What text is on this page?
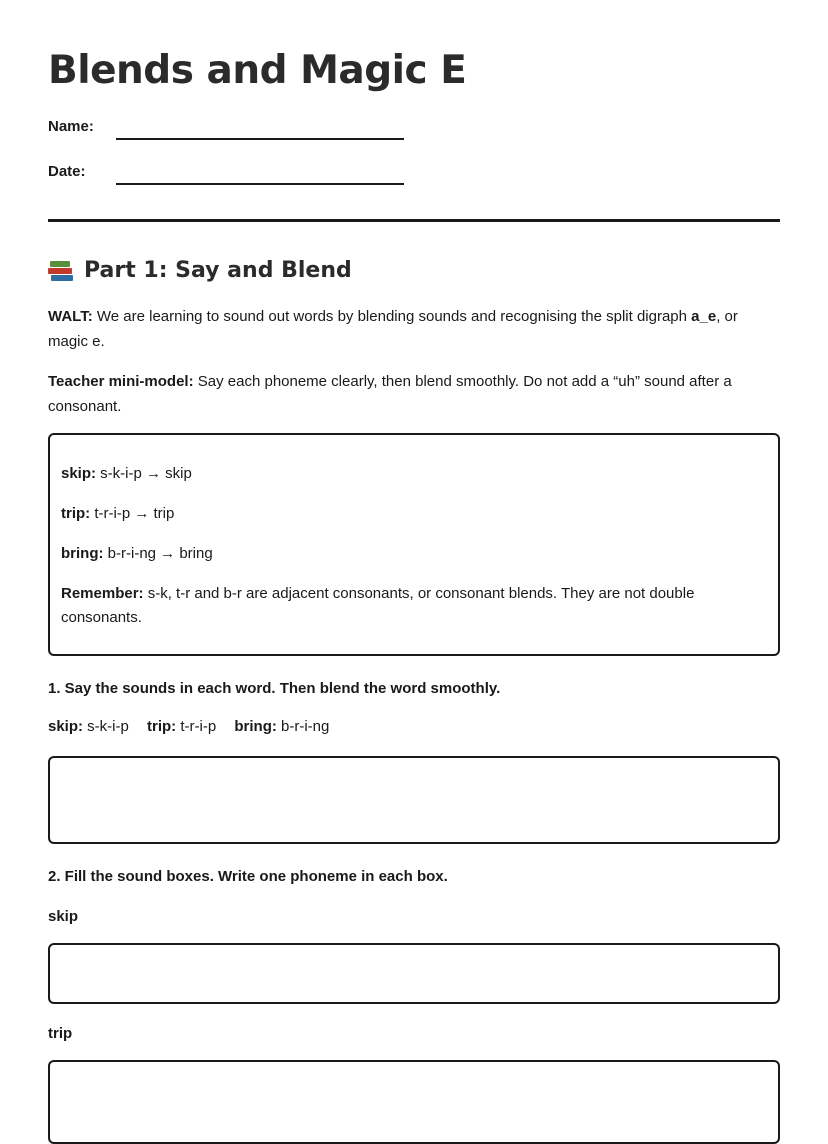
Blends and Magic E
Name:
Date:
Part 1: Say and Blend
WALT: We are learning to sound out words by blending sounds and recognising the split digraph a_e, or magic e.
Teacher mini-model: Say each phoneme clearly, then blend smoothly. Do not add a “uh” sound after a consonant.
skip: s-k-i-p → skip
trip: t-r-i-p → trip
bring: b-r-i-ng → bring
Remember: s-k, t-r and b-r are adjacent consonants, or consonant blends. They are not double consonants.
1. Say the sounds in each word. Then blend the word smoothly.
skip: s-k-i-p trip: t-r-i-p bring: b-r-i-ng
2. Fill the sound boxes. Write one phoneme in each box.
skip
trip
